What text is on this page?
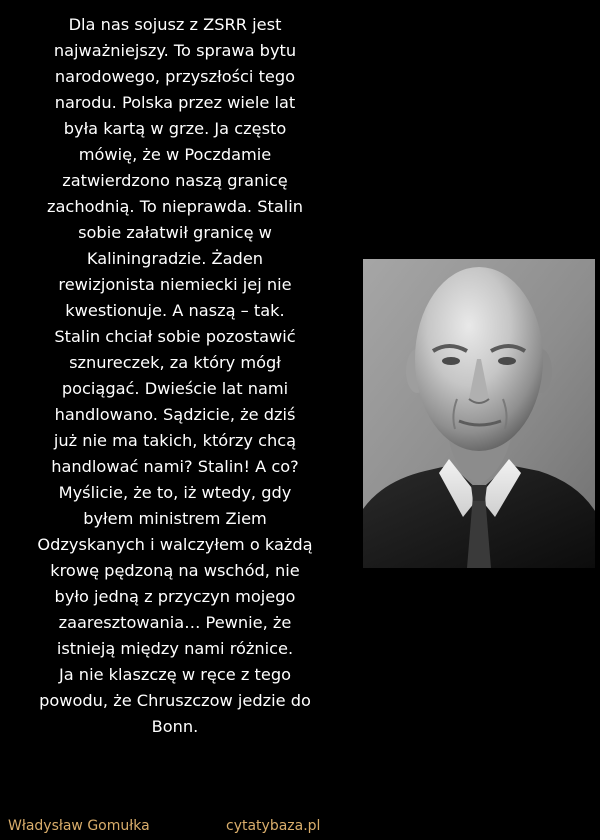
Dla nas sojusz z ZSRR jest
najważniejszy. To sprawa bytu
narodowego, przyszłości tego
narodu. Polska przez wiele lat
była kartą w grze. Ja często
mówię, że w Poczdamie
zatwierdzono naszą granicę
zachodnią. To nieprawda. Stalin
sobie załatwił granicę w
Kaliningradzie. Żaden
rewizjonista niemiecki jej nie
kwestionuje. A naszą – tak.
Stalin chciał sobie pozostawić
sznureczek, za który mógł
pociągać. Dwieście lat nami
handlowano. Sądzicie, że dziś
już nie ma takich, którzy chcą
handlować nami? Stalin! A co?
Myślicie, że to, iż wtedy, gdy
byłem ministrem Ziem
Odzyskanych i walczyłem o każdą
krowę pędzoną na wschód, nie
było jedną z przyczyn mojego
zaaresztowania… Pewnie, że
istnieją między nami różnice.
Ja nie klaszczę w ręce z tego
powodu, że Chruszczow jedzie do
Bonn.
Władysław Gomułka	cytatybaza.pl
